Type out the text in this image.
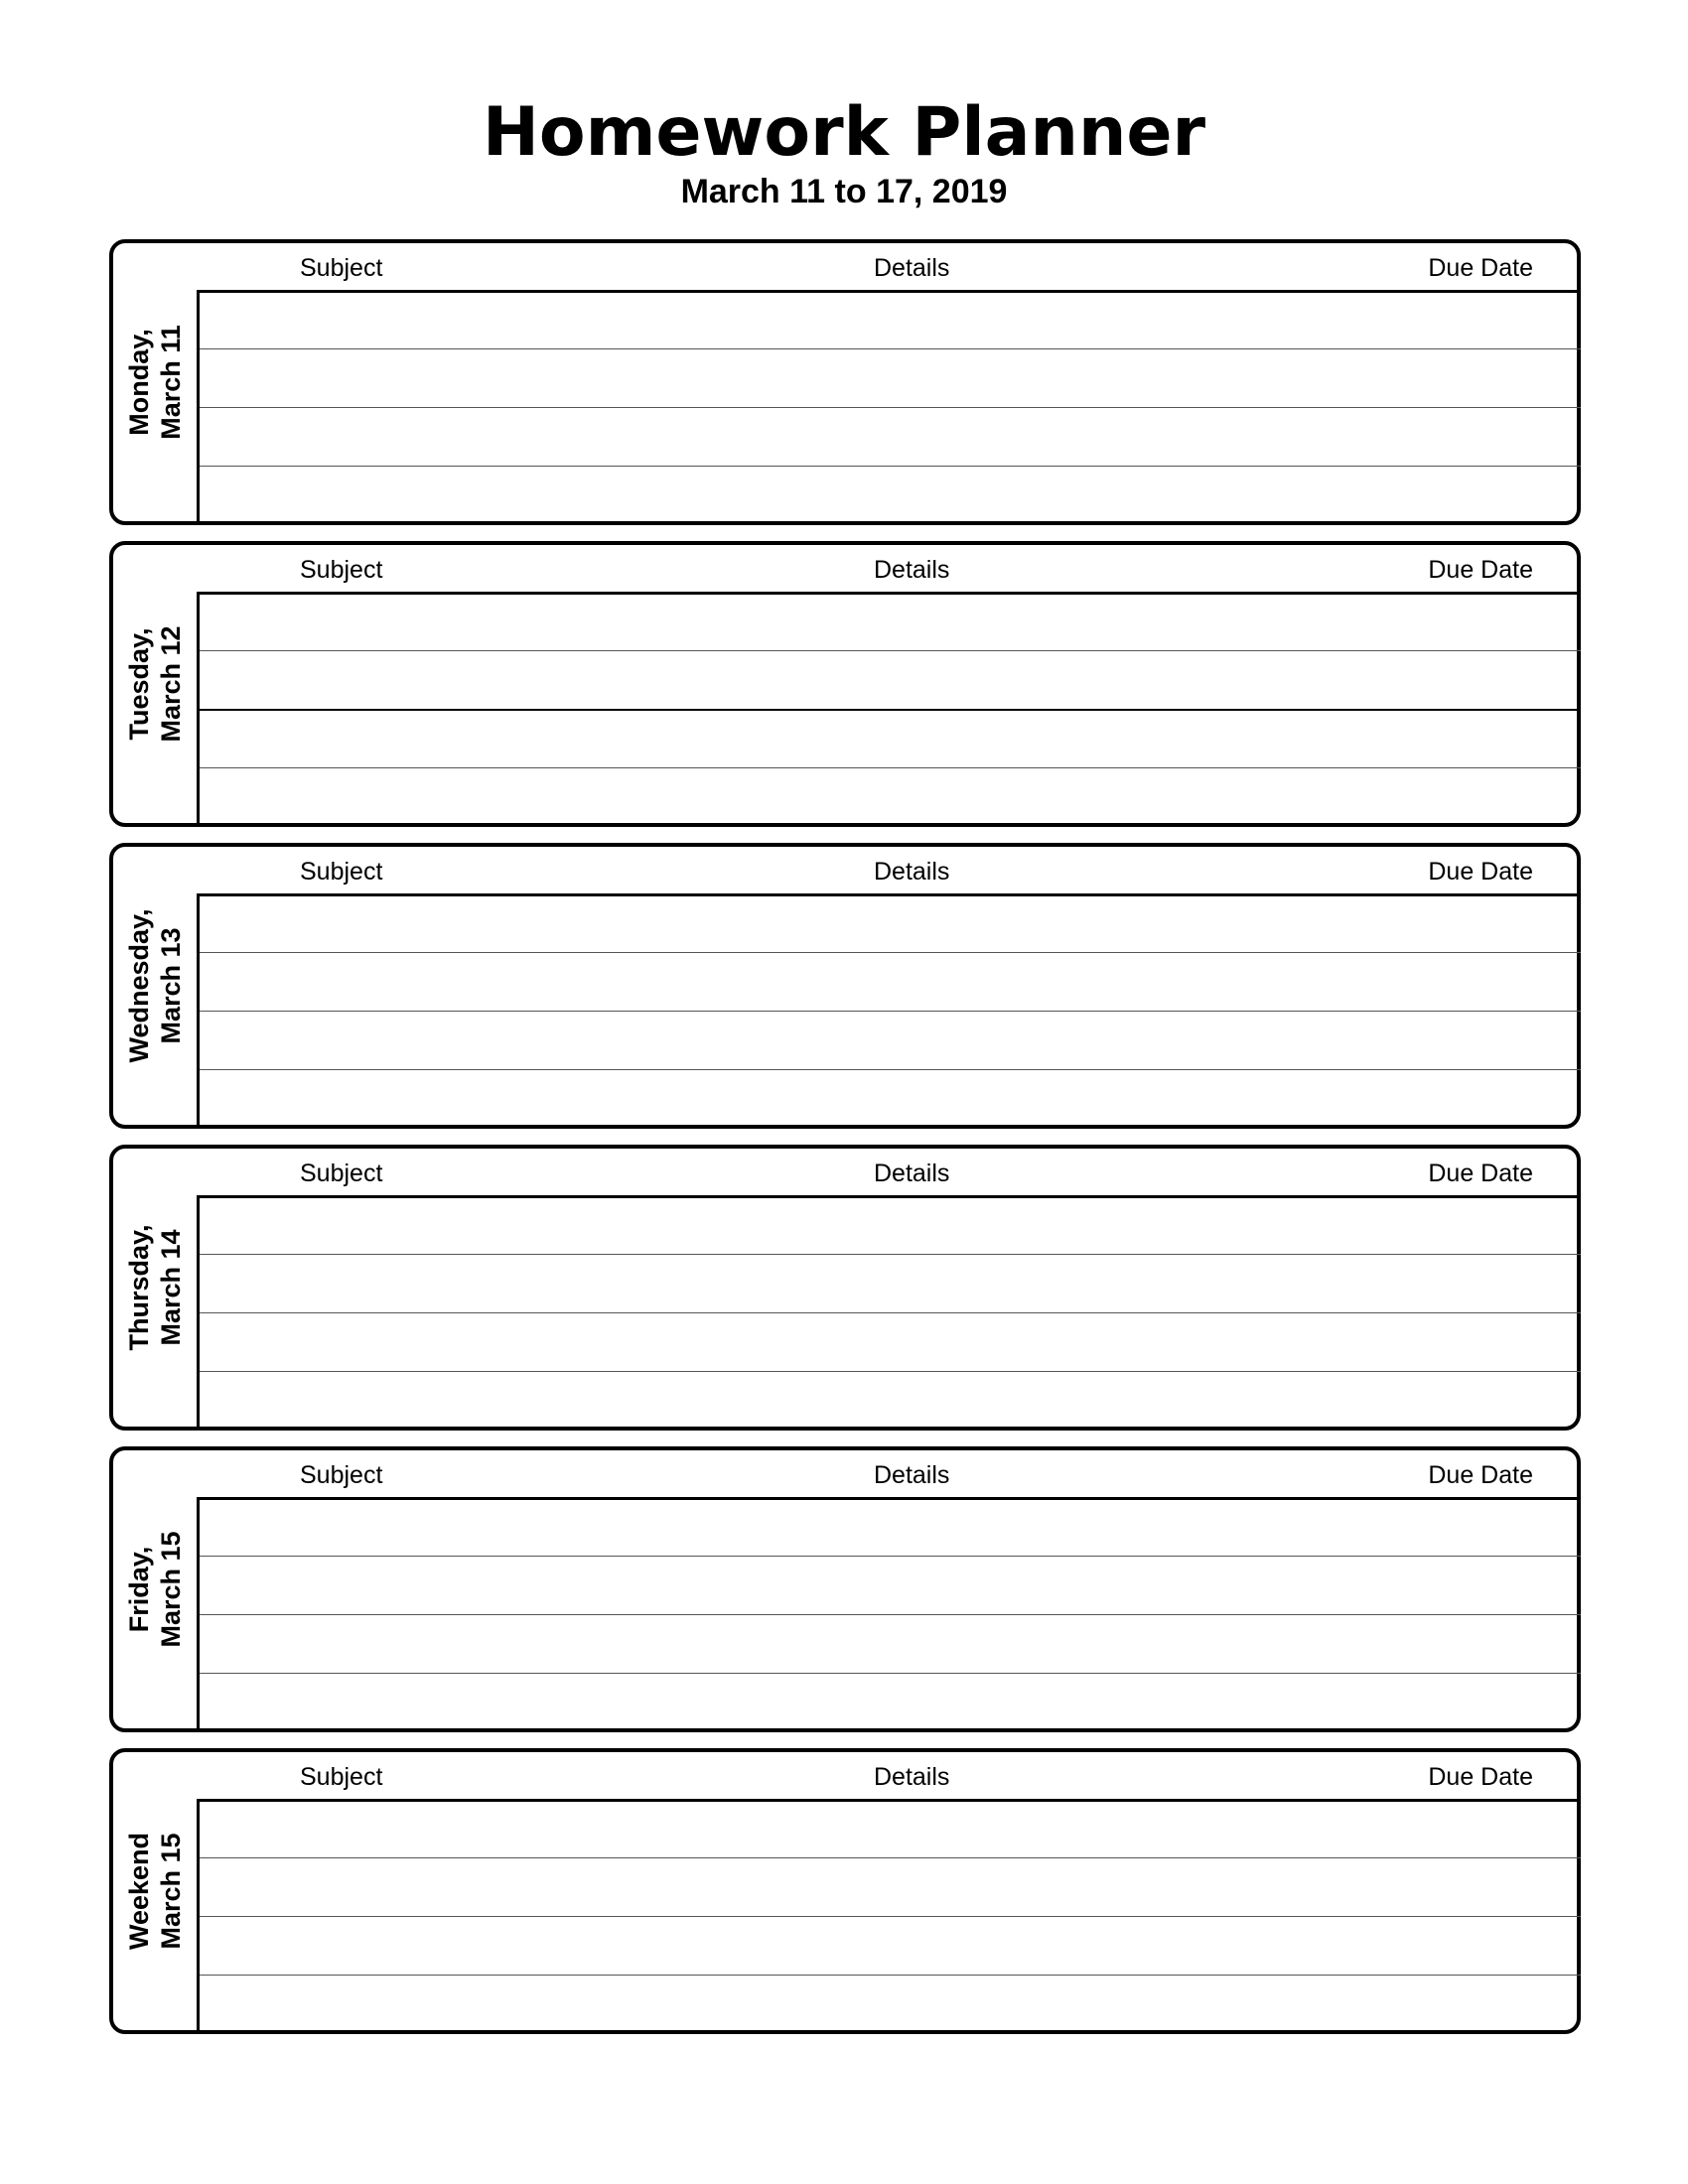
Homework Planner
March 11 to 17, 2019
Monday, March 11
Subject	Details	Due Date
Tuesday, March 12
Subject	Details	Due Date
Wednesday, March 13
Subject	Details	Due Date
Thursday, March 14
Subject	Details	Due Date
Friday, March 15
Subject	Details	Due Date
Weekend March 15
Subject	Details	Due Date
